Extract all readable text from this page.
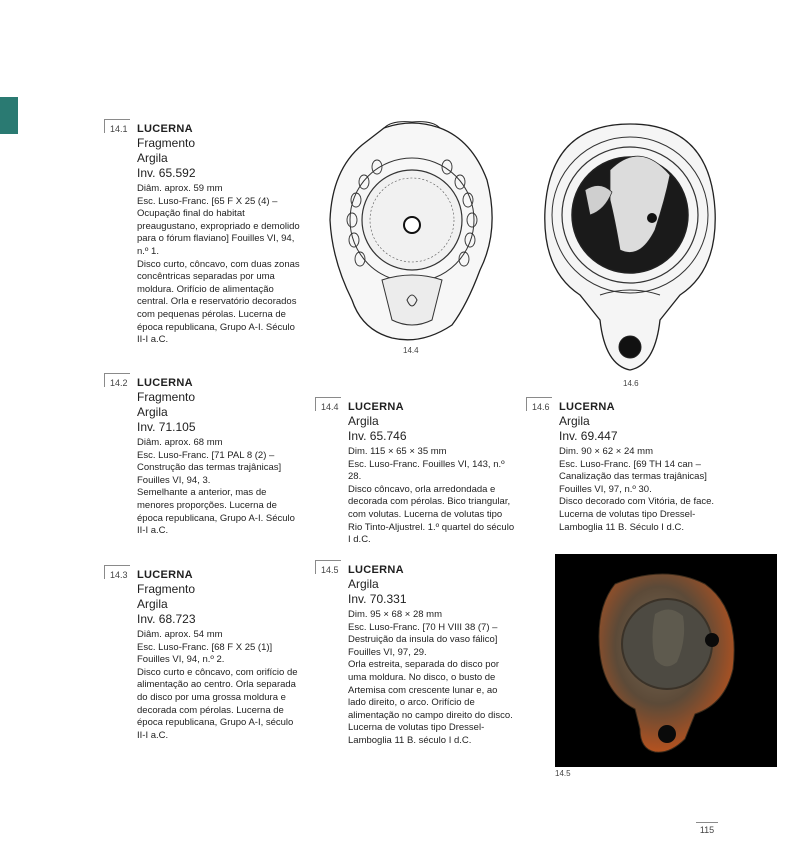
14.1 LUCERNA

Fragmento

Argila

Inv. 65.592

Diâm. aprox. 59 mm

Esc. Luso-Franc. [65 F X 25 (4) – Ocupação final do habitat preaugustano, expropriado e demolido para o fórum flaviano] Fouilles VI, 94, n.º 1.

Disco curto, côncavo, com duas zonas concêntricas separadas por uma moldura. Orifício de alimentação central. Orla e reservatório decorados com pequenas pérolas. Lucerna de época republicana, Grupo A-I. Século II-I a.C.

14.2 LUCERNA

Fragmento

Argila

Inv. 71.105

Diâm. aprox. 68 mm

Esc. Luso-Franc. [71 PAL 8 (2) – Construção das termas trajânicas] Fouilles VI, 94, 3.

Semelhante a anterior, mas de menores proporções. Lucerna de época republicana, Grupo A-I. Século II-I a.C.

14.3 LUCERNA

Fragmento

Argila

Inv. 68.723

Diâm. aprox. 54 mm

Esc. Luso-Franc. [68 F X 25 (1)] Fouilles VI, 94, n.º 2.

Disco curto e côncavo, com orifício de alimentação ao centro. Orla separada do disco por uma grossa moldura e decorada com pérolas. Lucerna de época republicana, Grupo A-I, século II-I a.C.

14.4 LUCERNA

Argila

Inv. 65.746

Dim. 115 × 65 × 35 mm

Esc. Luso-Franc. Fouilles VI, 143, n.º 28.

Disco côncavo, orla arredondada e decorada com pérolas. Bico triangular, com volutas. Lucerna de volutas tipo Rio Tinto-Aljustrel. 1.º quartel do século I d.C.

14.5 LUCERNA

Argila

Inv. 70.331

Dim. 95 × 68 × 28 mm

Esc. Luso-Franc. [70 H VIII 38 (7) – Destruição da insula do vaso fálico] Fouilles VI, 97, 29.

Orla estreita, separada do disco por uma moldura. No disco, o busto de Artemisa com crescente lunar e, ao lado direito, o arco. Orifício de alimentação no campo direito do disco. Lucerna de volutas tipo Dressel-Lamboglia 11 B. século I d.C.

14.6 LUCERNA

Argila

Inv. 69.447

Dim. 90 × 62 × 24 mm

Esc. Luso-Franc. [69 TH 14 can – Canalização das termas trajânicas] Fouilles VI, 97, n.º 30.

Disco decorado com Vitória, de face. Lucerna de volutas tipo Dressel-Lamboglia 11 B. Século I d.C.

14.4
14.6
14.5
115
